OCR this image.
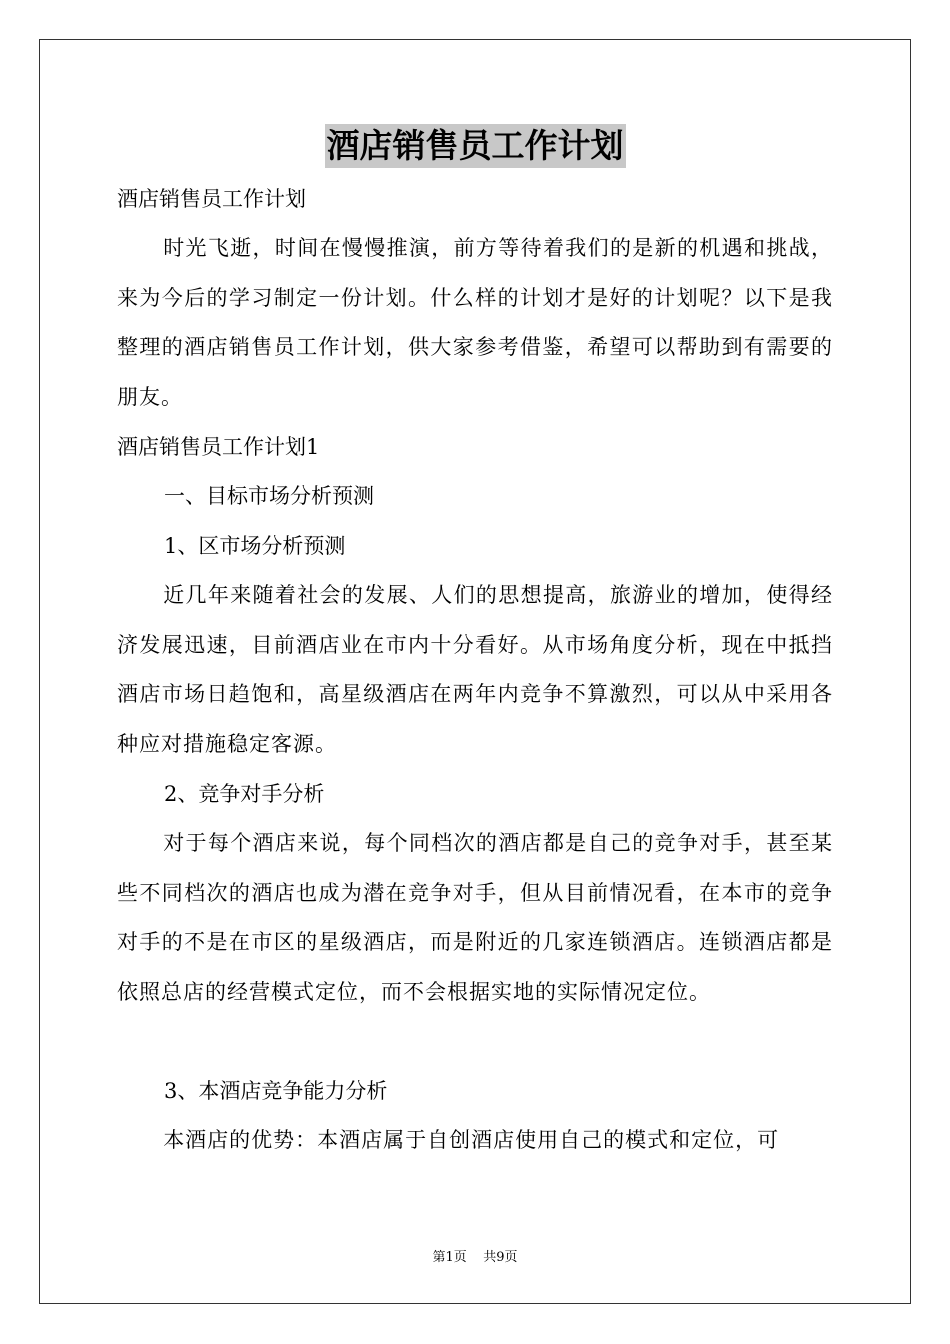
酒店销售员工作计划

酒店销售员工作计划

时光飞逝，时间在慢慢推演，前方等待着我们的是新的机遇和挑战，来为今后的学习制定一份计划。什么样的计划才是好的计划呢？以下是我整理的酒店销售员工作计划，供大家参考借鉴，希望可以帮助到有需要的朋友。

酒店销售员工作计划1

一、目标市场分析预测

1、区市场分析预测

近几年来随着社会的发展、人们的思想提高，旅游业的增加，使得经济发展迅速，目前酒店业在市内十分看好。从市场角度分析，现在中抵挡酒店市场日趋饱和，高星级酒店在两年内竞争不算激烈，可以从中采用各种应对措施稳定客源。

2、竞争对手分析

对于每个酒店来说，每个同档次的酒店都是自己的竞争对手，甚至某些不同档次的酒店也成为潜在竞争对手，但从目前情况看，在本市的竞争对手的不是在市区的星级酒店，而是附近的几家连锁酒店。连锁酒店都是依照总店的经营模式定位，而不会根据实地的实际情况定位。

3、本酒店竞争能力分析

本酒店的优势：本酒店属于自创酒店使用自己的模式和定位，可

第1页 共9页
